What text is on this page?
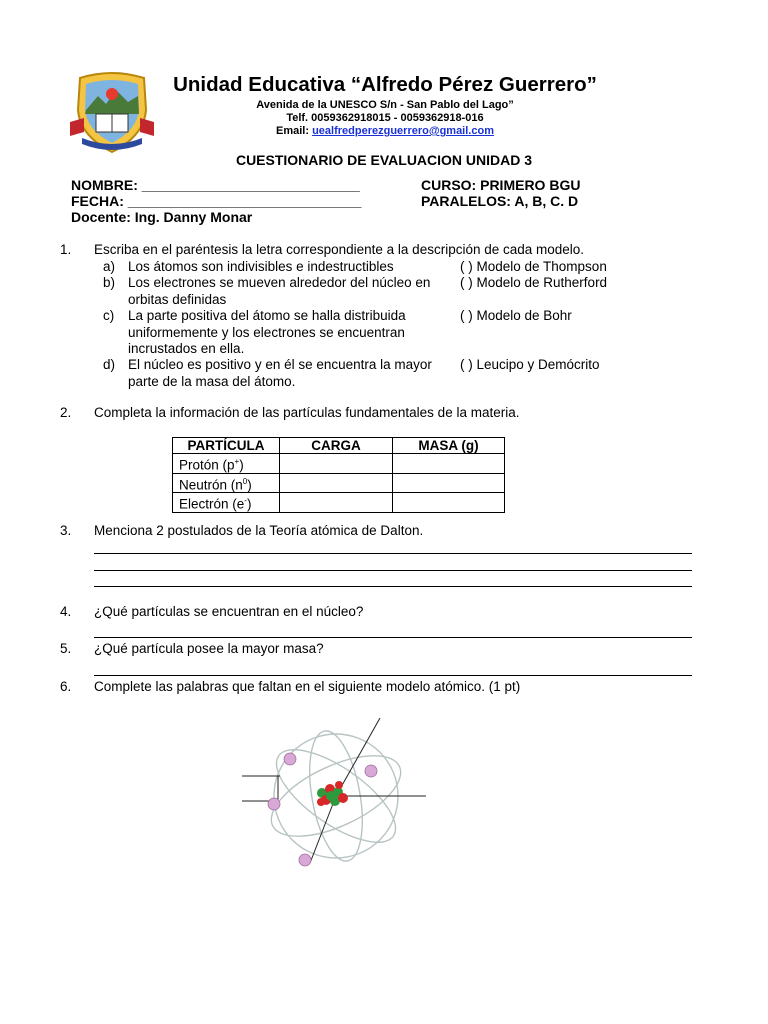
Unidad Educativa “Alfredo Pérez Guerrero”
Avenida de la UNESCO S/n - San Pablo del Lago”
Telf. 0059362918015 - 0059362918-016
Email: uealfredperezguerrero@gmail.com
CUESTIONARIO DE EVALUACION UNIDAD 3
NOMBRE: ____________________________
FECHA: ______________________________
Docente: Ing. Danny Monar
CURSO: PRIMERO BGU
PARALELOS: A, B, C. D
1. Escriba en el paréntesis la letra correspondiente a la descripción de cada modelo.
a) Los átomos son indivisibles e indestructibles	( ) Modelo de Thompson
b) Los electrones se mueven alrededor del núcleo en orbitas definidas
( ) Modelo de Rutherford
c) La parte positiva del átomo se halla distribuida uniformemente y los electrones se encuentran incrustados en ella.
( ) Modelo de Bohr
d) El núcleo es positivo y en él se encuentra la mayor parte de la masa del átomo.
( ) Leucipo y Demócrito
2. Completa la información de las partículas fundamentales de la materia.
PARTÍCULA	CARGA	MASA (g)
Protón (p+)		
Neutrón $(n^0)$		
Electrón (e-)		
3. Menciona 2 postulados de la Teoría atómica de Dalton.
4. ¿Qué partículas se encuentran en el núcleo?
5. ¿Qué partícula posee la mayor masa?
6. Complete las palabras que faltan en el siguiente modelo atómico. (1 pt)
